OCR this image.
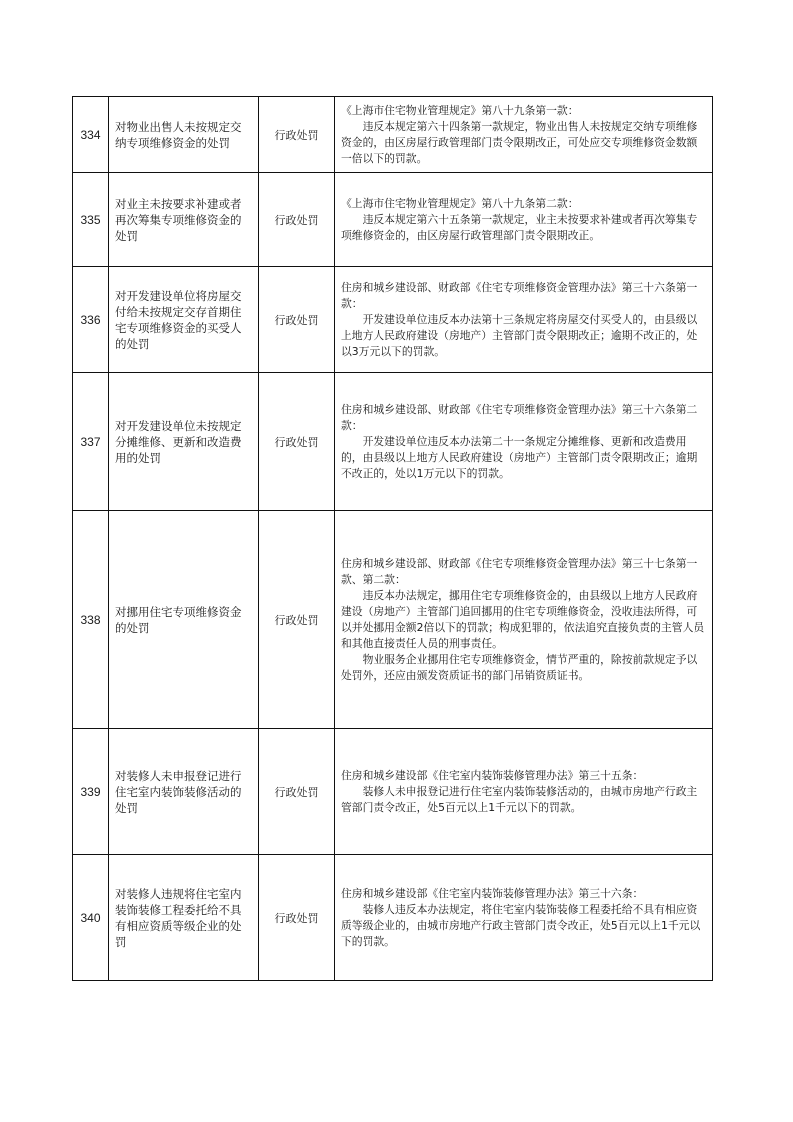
334	对物业出售人未按规定交纳专项维修资金的处罚	行政处罚	《上海市住宅物业管理规定》第八十九条第一款：
　　违反本规定第六十四条第一款规定，物业出售人未按规定交纳专项维修资金的，由区房屋行政管理部门责令限期改正，可处应交专项维修资金数额一倍以下的罚款。

335	对业主未按要求补建或者再次筹集专项维修资金的处罚	行政处罚	《上海市住宅物业管理规定》第八十九条第二款：
　　违反本规定第六十五条第一款规定，业主未按要求补建或者再次筹集专项维修资金的，由区房屋行政管理部门责令限期改正。

336	对开发建设单位将房屋交付给未按规定交存首期住宅专项维修资金的买受人的处罚	行政处罚	住房和城乡建设部、财政部《住宅专项维修资金管理办法》第三十六条第一款：
　　开发建设单位违反本办法第十三条规定将房屋交付买受人的，由县级以上地方人民政府建设（房地产）主管部门责令限期改正；逾期不改正的，处以3万元以下的罚款。

337	对开发建设单位未按规定分摊维修、更新和改造费用的处罚	行政处罚	住房和城乡建设部、财政部《住宅专项维修资金管理办法》第三十六条第二款：
　　开发建设单位违反本办法第二十一条规定分摊维修、更新和改造费用的，由县级以上地方人民政府建设（房地产）主管部门责令限期改正；逾期不改正的，处以1万元以下的罚款。

338	对挪用住宅专项维修资金的处罚	行政处罚	住房和城乡建设部、财政部《住宅专项维修资金管理办法》第三十七条第一款、第二款：
　　违反本办法规定，挪用住宅专项维修资金的，由县级以上地方人民政府建设（房地产）主管部门追回挪用的住宅专项维修资金，没收违法所得，可以并处挪用金额2倍以下的罚款；构成犯罪的，依法追究直接负责的主管人员和其他直接责任人员的刑事责任。
　　物业服务企业挪用住宅专项维修资金，情节严重的，除按前款规定予以处罚外，还应由颁发资质证书的部门吊销资质证书。

339	对装修人未申报登记进行住宅室内装饰装修活动的处罚	行政处罚	住房和城乡建设部《住宅室内装饰装修管理办法》第三十五条：
　　装修人未申报登记进行住宅室内装饰装修活动的，由城市房地产行政主管部门责令改正，处5百元以上1千元以下的罚款。

340	对装修人违规将住宅室内装饰装修工程委托给不具有相应资质等级企业的处罚	行政处罚	住房和城乡建设部《住宅室内装饰装修管理办法》第三十六条：
　　装修人违反本办法规定，将住宅室内装饰装修工程委托给不具有相应资质等级企业的，由城市房地产行政主管部门责令改正，处5百元以上1千元以下的罚款。
